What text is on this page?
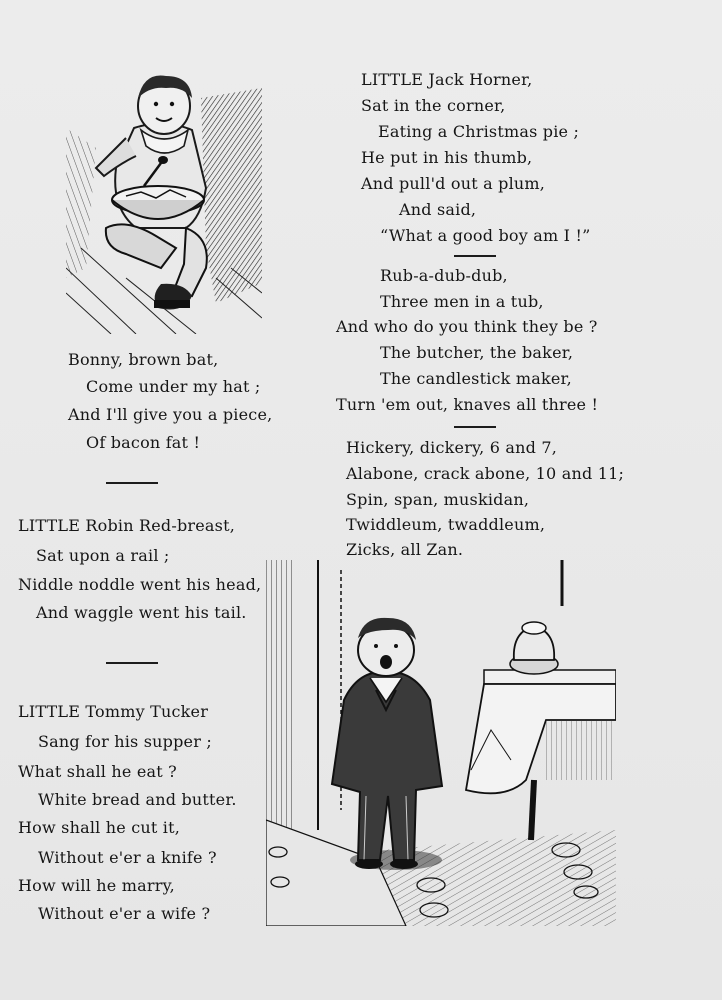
LITTLE Jack Horner,
Sat in the corner,
Eating a Christmas pie ;
He put in his thumb,
And pull'd out a plum,
And said,
“What a good boy am I !”
Rub-a-dub-dub,
Three men in a tub,
And who do you think they be ?
The butcher, the baker,
The candlestick maker,
Turn 'em out, knaves all three !
Hickery, dickery, 6 and 7,
Alabone, crack abone, 10 and 11;
Spin, span, muskidan,
Twiddleum, twaddleum,
Zicks, all Zan.
Bonny, brown bat,
Come under my hat ;
And I'll give you a piece,
Of bacon fat !
LITTLE Robin Red-breast,
Sat upon a rail ;
Niddle noddle went his head,
And waggle went his tail.
LITTLE Tommy Tucker
Sang for his supper ;
What shall he eat ?
White bread and butter.
How shall he cut it,
Without e'er a knife ?
How will he marry,
Without e'er a wife ?
